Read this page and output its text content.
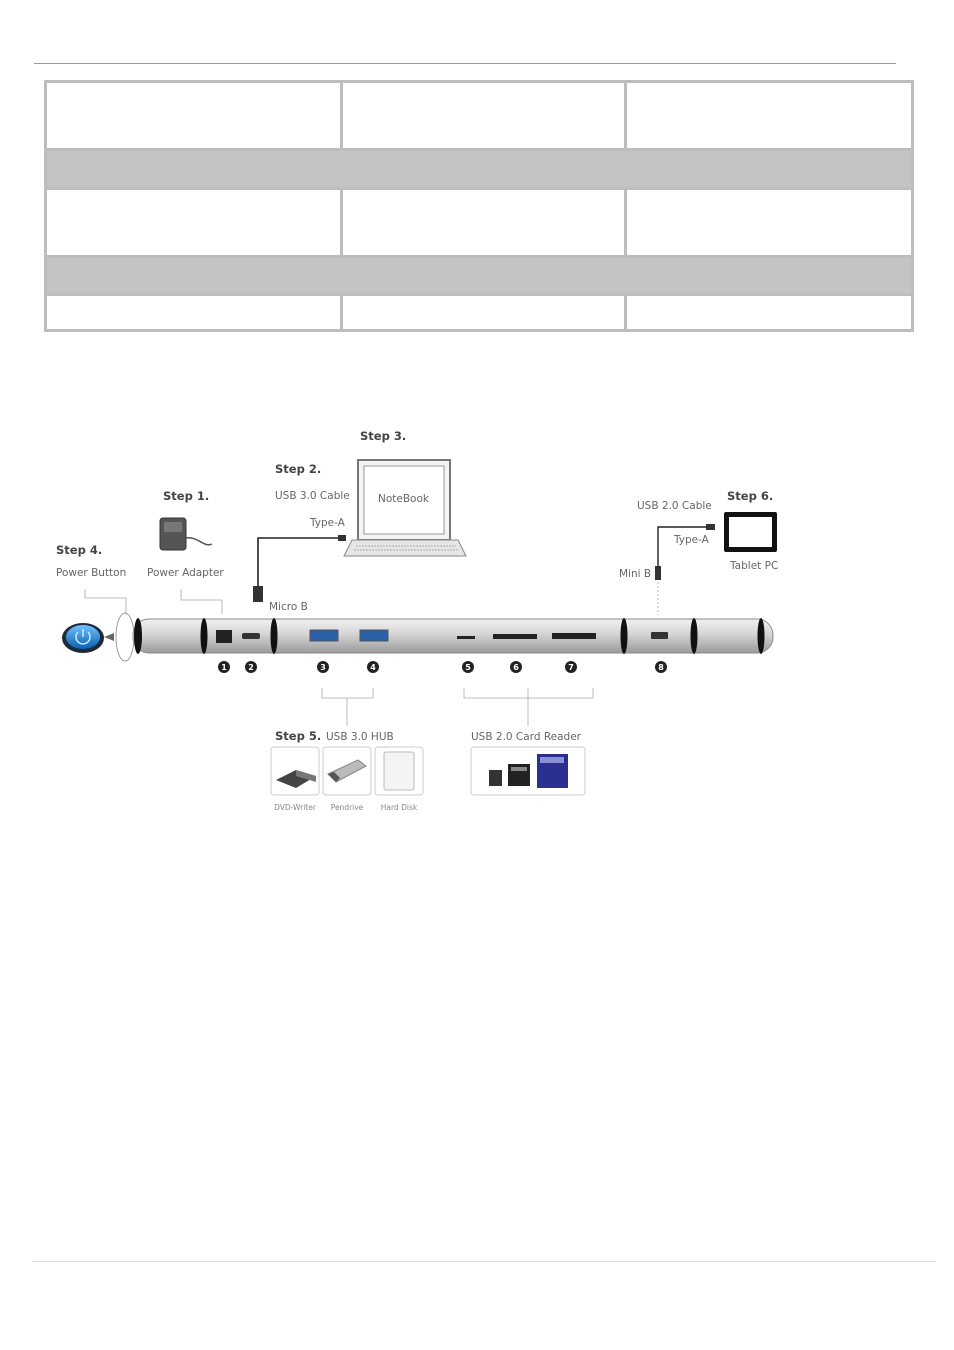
Step 3.
NoteBook
Step 2.
USB 3.0 Cable
Type-A
Micro B
Step 1.
Power Adapter
Step 4.
Power Button
1	2	3	4	5	6	7	8
Step 6.
USB 2.0 Cable
Type-A
Mini B
Tablet PC
Step 5. USB 3.0 HUB
DVD-Writer Pendrive Hard Disk
USB 2.0 Card Reader
